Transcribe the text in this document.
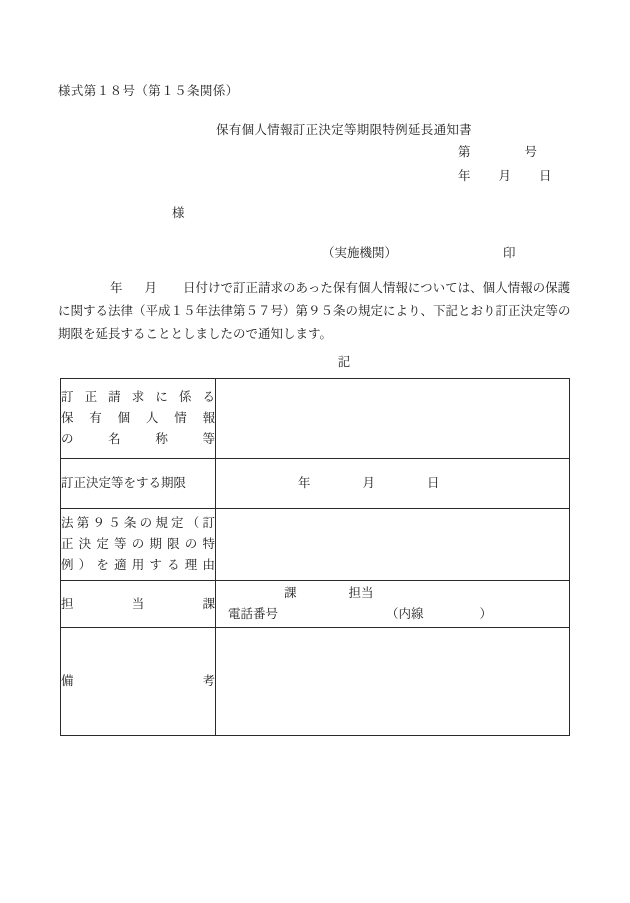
様式第１８号（第１５条関係）
保有個人情報訂正決定等期限特例延長通知書
第	号
年 月 日
様
（実施機関）	印
年 月 日付けで訂正請求のあった保有個人情報については、個人情報の保護
に関する法律（平成１５年法律第５７号）第９５条の規定により、下記とおり訂正決定等の
期限を延長することとしましたので通知します。
記
訂正請求に係る
保有個人情報
の名称等	

訂正決定等をする期限	年 月 日

法第９５条の規定（訂
正決定等の期限の特
例）を適用する理由	

担当課	課 担当
電話番号 （内線 ）

備考	
